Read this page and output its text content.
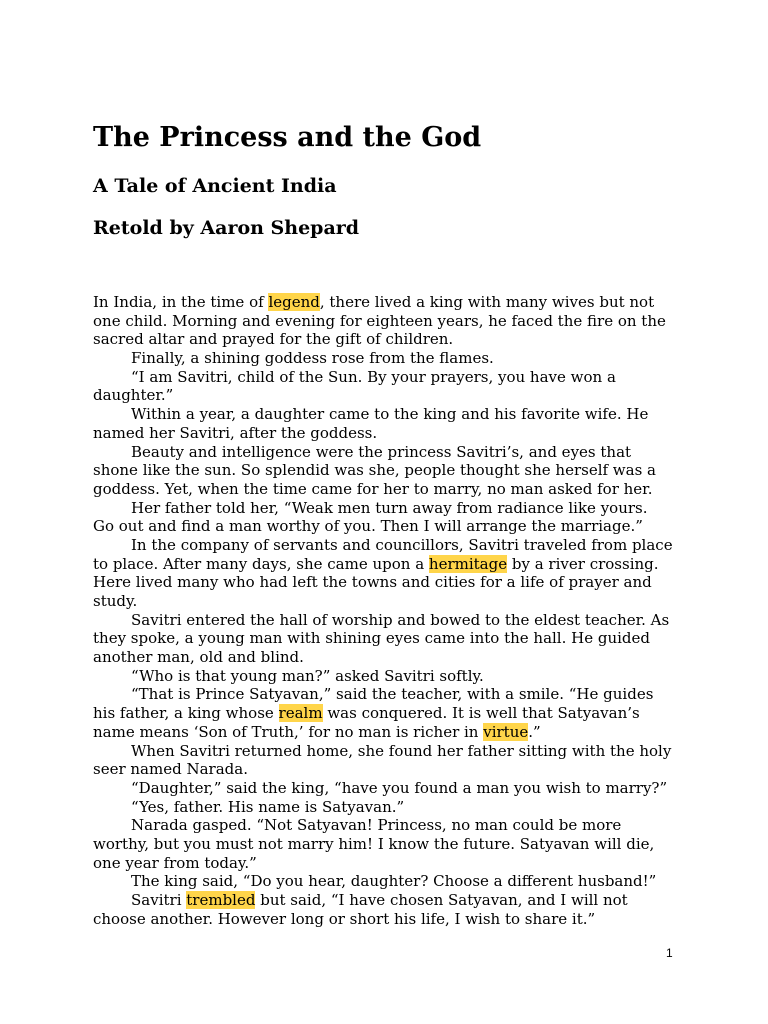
The Princess and the God
A Tale of Ancient India
Retold by Aaron Shepard
In India, in the time of legend, there lived a king with many wives but not
one child. Morning and evening for eighteen years, he faced the fire on the
sacred altar and prayed for the gift of children.
Finally, a shining goddess rose from the flames.
“I am Savitri, child of the Sun. By your prayers, you have won a
daughter.”
Within a year, a daughter came to the king and his favorite wife. He
named her Savitri, after the goddess.
Beauty and intelligence were the princess Savitri’s, and eyes that
shone like the sun. So splendid was she, people thought she herself was a
goddess. Yet, when the time came for her to marry, no man asked for her.
Her father told her, “Weak men turn away from radiance like yours.
Go out and find a man worthy of you. Then I will arrange the marriage.”
In the company of servants and councillors, Savitri traveled from place
to place. After many days, she came upon a hermitage by a river crossing.
Here lived many who had left the towns and cities for a life of prayer and
study.
Savitri entered the hall of worship and bowed to the eldest teacher. As
they spoke, a young man with shining eyes came into the hall. He guided
another man, old and blind.
“Who is that young man?” asked Savitri softly.
“That is Prince Satyavan,” said the teacher, with a smile. “He guides
his father, a king whose realm was conquered. It is well that Satyavan’s
name means ‘Son of Truth,’ for no man is richer in virtue.”
When Savitri returned home, she found her father sitting with the holy
seer named Narada.
“Daughter,” said the king, “have you found a man you wish to marry?”
“Yes, father. His name is Satyavan.”
Narada gasped. “Not Satyavan! Princess, no man could be more
worthy, but you must not marry him! I know the future. Satyavan will die,
one year from today.”
The king said, “Do you hear, daughter? Choose a different husband!”
Savitri trembled but said, “I have chosen Satyavan, and I will not
choose another. However long or short his life, I wish to share it.”
1
